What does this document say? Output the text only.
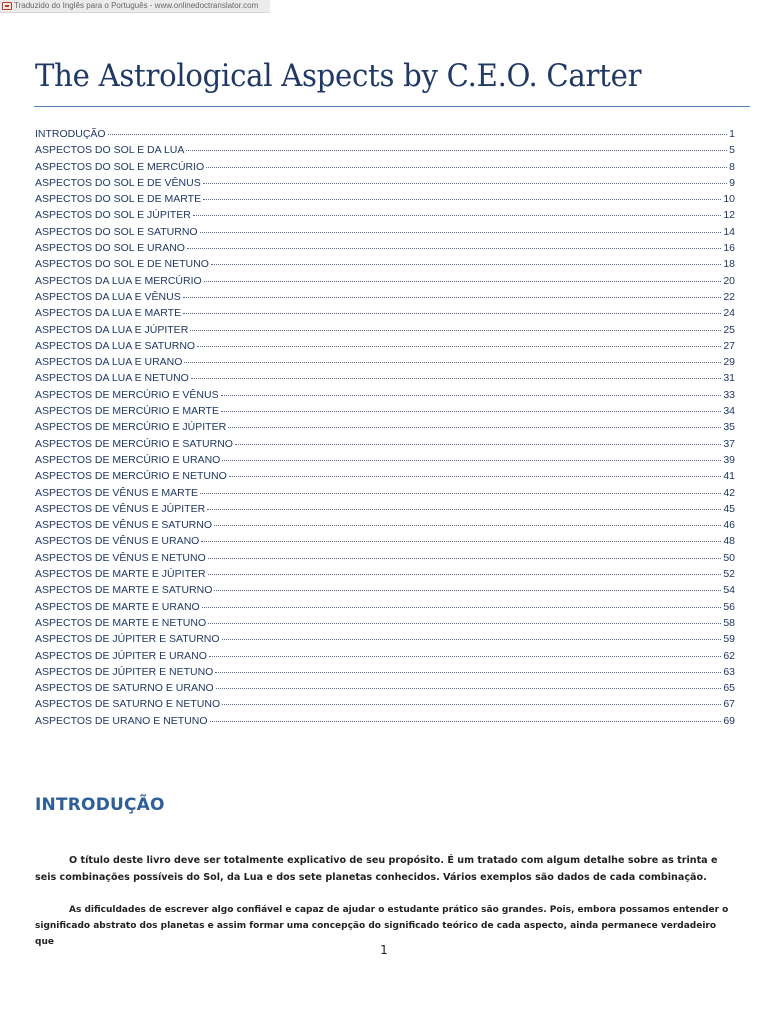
Traduzido do Inglês para o Português - www.onlinedoctranslator.com
The Astrological Aspects by C.E.O. Carter
INTRODUÇÃO	1
ASPECTOS DO SOL E DA LUA	5
ASPECTOS DO SOL E MERCÚRIO	8
ASPECTOS DO SOL E DE VÊNUS	9
ASPECTOS DO SOL E DE MARTE	10
ASPECTOS DO SOL E JÚPITER	12
ASPECTOS DO SOL E SATURNO	14
ASPECTOS DO SOL E URANO	16
ASPECTOS DO SOL E DE NETUNO	18
ASPECTOS DA LUA E MERCÚRIO	20
ASPECTOS DA LUA E VÊNUS	22
ASPECTOS DA LUA E MARTE	24
ASPECTOS DA LUA E JÚPITER	25
ASPECTOS DA LUA E SATURNO	27
ASPECTOS DA LUA E URANO	29
ASPECTOS DA LUA E NETUNO	31
ASPECTOS DE MERCÚRIO E VÊNUS	33
ASPECTOS DE MERCÚRIO E MARTE	34
ASPECTOS DE MERCÚRIO E JÚPITER	35
ASPECTOS DE MERCÚRIO E SATURNO	37
ASPECTOS DE MERCÚRIO E URANO	39
ASPECTOS DE MERCÚRIO E NETUNO	41
ASPECTOS DE VÊNUS E MARTE	42
ASPECTOS DE VÊNUS E JÚPITER	45
ASPECTOS DE VÊNUS E SATURNO	46
ASPECTOS DE VÊNUS E URANO	48
ASPECTOS DE VÊNUS E NETUNO	50
ASPECTOS DE MARTE E JÚPITER	52
ASPECTOS DE MARTE E SATURNO	54
ASPECTOS DE MARTE E URANO	56
ASPECTOS DE MARTE E NETUNO	58
ASPECTOS DE JÚPITER E SATURNO	59
ASPECTOS DE JÚPITER E URANO	62
ASPECTOS DE JÚPITER E NETUNO	63
ASPECTOS DE SATURNO E URANO	65
ASPECTOS DE SATURNO E NETUNO	67
ASPECTOS DE URANO E NETUNO	69
INTRODUÇÃO

O título deste livro deve ser totalmente explicativo de seu propósito. É um tratado com algum detalhe sobre as trinta e seis combinações possíveis do Sol, da Lua e dos sete planetas conhecidos. Vários exemplos são dados de cada combinação.

As dificuldades de escrever algo confiável e capaz de ajudar o estudante prático são grandes. Pois, embora possamos entender o significado abstrato dos planetas e assim formar uma concepção do significado teórico de cada aspecto, ainda permanece verdadeiro que

1
